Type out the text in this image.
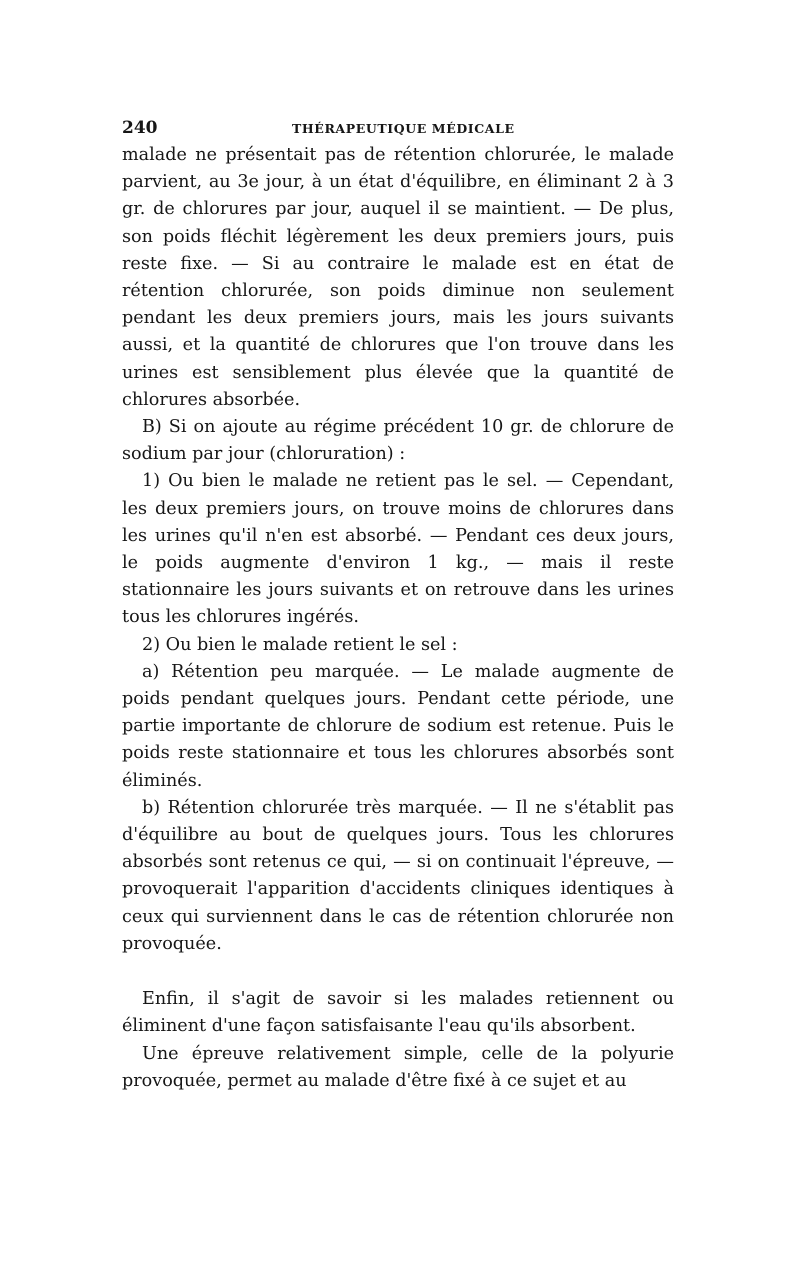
240	THÉRAPEUTIQUE MÉDICALE

malade ne présentait pas de rétention chlorurée, le malade parvient, au 3e jour, à un état d'équilibre, en éliminant 2 à 3 gr. de chlorures par jour, auquel il se maintient. — De plus, son poids fléchit légèrement les deux premiers jours, puis reste fixe. — Si au contraire le malade est en état de rétention chlorurée, son poids diminue non seulement pendant les deux premiers jours, mais les jours suivants aussi, et la quantité de chlorures que l'on trouve dans les urines est sensiblement plus élevée que la quantité de chlorures absorbée.

B) Si on ajoute au régime précédent 10 gr. de chlorure de sodium par jour (chloruration) :

1) Ou bien le malade ne retient pas le sel. — Cependant, les deux premiers jours, on trouve moins de chlorures dans les urines qu'il n'en est absorbé. — Pendant ces deux jours, le poids augmente d'environ 1 kg., — mais il reste stationnaire les jours suivants et on retrouve dans les urines tous les chlorures ingérés.

2) Ou bien le malade retient le sel :

a) Rétention peu marquée. — Le malade augmente de poids pendant quelques jours. Pendant cette période, une partie importante de chlorure de sodium est retenue. Puis le poids reste stationnaire et tous les chlorures absorbés sont éliminés.

b) Rétention chlorurée très marquée. — Il ne s'établit pas d'équilibre au bout de quelques jours. Tous les chlorures absorbés sont retenus ce qui, — si on continuait l'épreuve, — provoquerait l'apparition d'accidents cliniques identiques à ceux qui surviennent dans le cas de rétention chlorurée non provoquée.

Enfin, il s'agit de savoir si les malades retiennent ou éliminent d'une façon satisfaisante l'eau qu'ils absorbent.

Une épreuve relativement simple, celle de la polyurie provoquée, permet au malade d'être fixé à ce sujet et au
